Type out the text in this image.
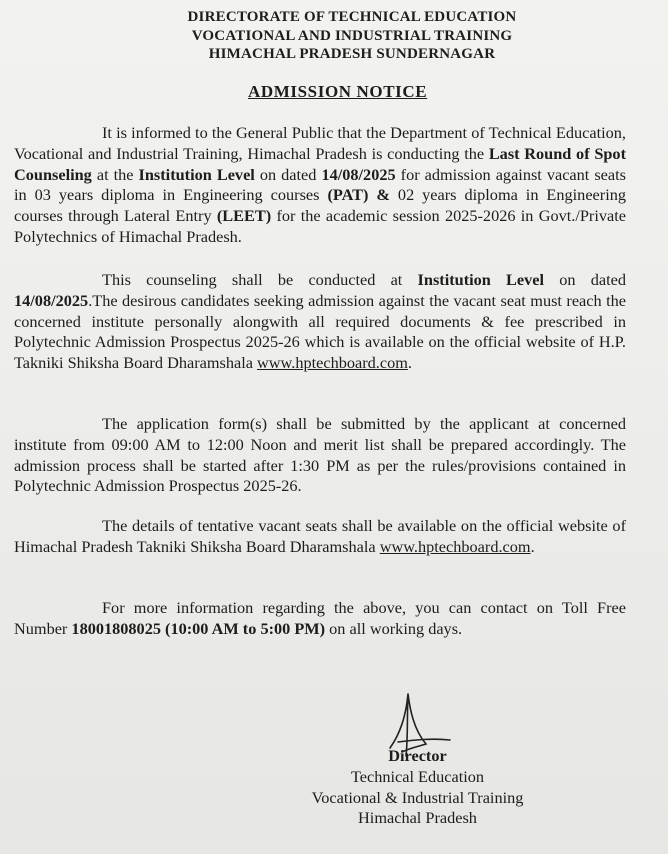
DIRECTORATE OF TECHNICAL EDUCATION
VOCATIONAL AND INDUSTRIAL TRAINING
HIMACHAL PRADESH SUNDERNAGAR
ADMISSION NOTICE

It is informed to the General Public that the Department of Technical Education, Vocational and Industrial Training, Himachal Pradesh is conducting the Last Round of Spot Counseling at the Institution Level on dated 14/08/2025 for admission against vacant seats in 03 years diploma in Engineering courses (PAT) & 02 years diploma in Engineering courses through Lateral Entry (LEET) for the academic session 2025-2026 in Govt./Private Polytechnics of Himachal Pradesh.

This counseling shall be conducted at Institution Level on dated 14/08/2025.The desirous candidates seeking admission against the vacant seat must reach the concerned institute personally alongwith all required documents & fee prescribed in Polytechnic Admission Prospectus 2025-26 which is available on the official website of H.P. Takniki Shiksha Board Dharamshala www.hptechboard.com.

The application form(s) shall be submitted by the applicant at concerned institute from 09:00 AM to 12:00 Noon and merit list shall be prepared accordingly. The admission process shall be started after 1:30 PM as per the rules/provisions contained in Polytechnic Admission Prospectus 2025-26.

The details of tentative vacant seats shall be available on the official website of Himachal Pradesh Takniki Shiksha Board Dharamshala www.hptechboard.com.

For more information regarding the above, you can contact on Toll Free Number 18001808025 (10:00 AM to 5:00 PM) on all working days.

Director
Technical Education
Vocational & Industrial Training
Himachal Pradesh
